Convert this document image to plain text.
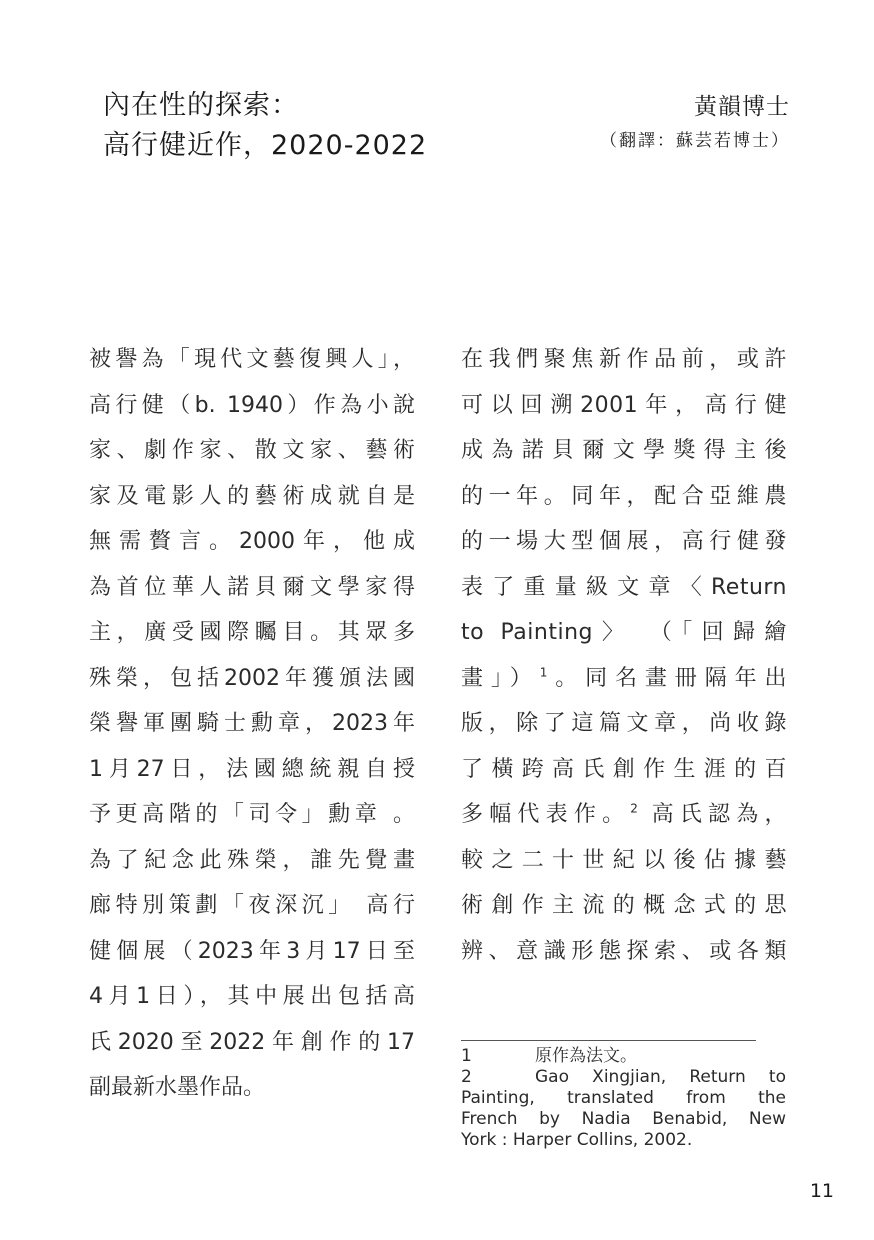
內在性的探索：
高行健近作，2020-2022
黃韻博士
（翻譯：蘇芸若博士）
被譽為「現代文藝復興人」，
高行健（b. 1940）作為小說
家、劇作家、散文家、藝術
家及電影人的藝術成就自是
無需贅言。2000年，他成
為首位華人諾貝爾文學家得
主，廣受國際矚目。其眾多
殊榮，包括2002年獲頒法國
榮譽軍團騎士勳章，2023年
1月27日，法國總統親自授
予更高階的「司令」勳章 。
為了紀念此殊榮，誰先覺畫
廊特別策劃「夜深沉」 高行
健個展（2023年3月17日至
4月1日），其中展出包括高
氏2020至2022年創作的17
副最新水墨作品。
在我們聚焦新作品前，或許
可以回溯2001年，高行健
成為諾貝爾文學獎得主後
的一年。同年，配合亞維農
的一場大型個展，高行健發
表了重量級文章〈Return
to Painting〉 （「回歸繪
畫」）$^1$。同名畫冊隔年出
版，除了這篇文章，尚收錄
了橫跨高氏創作生涯的百
多幅代表作。$^2$ 高氏認為，
較之二十世紀以後佔據藝
術創作主流的概念式的思
辨、意識形態探索、或各類
1	原作為法文。
2	Gao Xingjian, Return to
Painting, translated from the
French by Nadia Benabid, New
York : Harper Collins, 2002.
11
